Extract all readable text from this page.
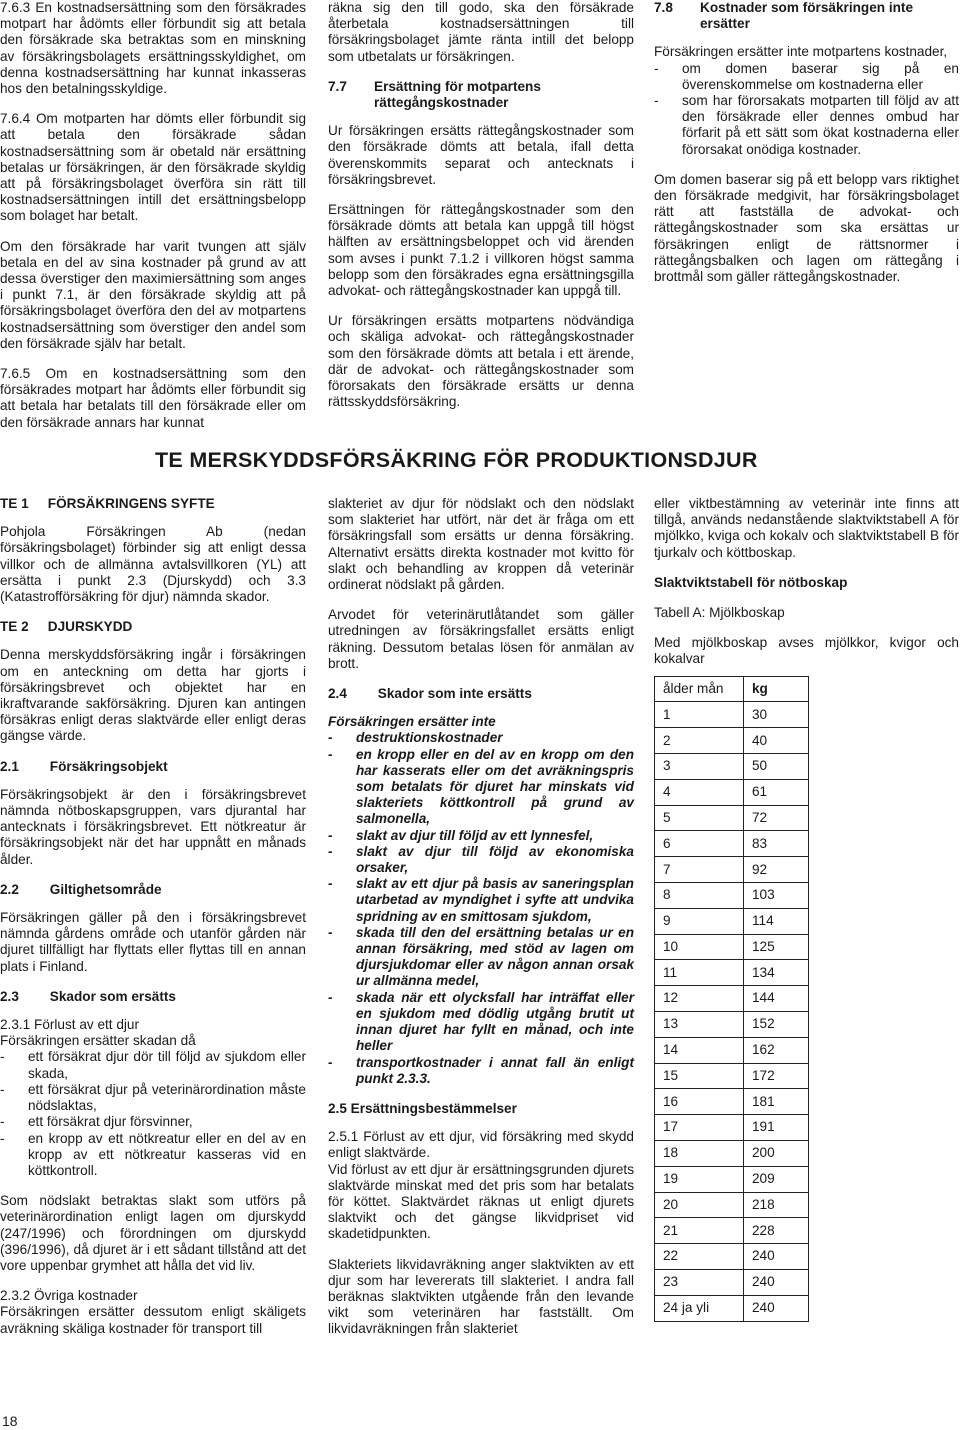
7.6.3 En kostnadsersättning som den försäkrades motpart har ådömts eller förbundit sig att betala den försäkrade ska betraktas som en minskning av försäkringsbolagets ersättningsskyldighet, om denna kostnadsersättning har kunnat inkasseras hos den betalningsskyldige.

7.6.4 Om motparten har dömts eller förbundit sig att betala den försäkrade sådan kostnadsersättning som är obetald när ersättning betalas ur försäkringen, är den försäkrade skyldig att på försäkringsbolaget överföra sin rätt till kostnadsersättningen intill det ersättningsbelopp som bolaget har betalt.

Om den försäkrade har varit tvungen att själv betala en del av sina kostnader på grund av att dessa överstiger den maximiersättning som anges i punkt 7.1, är den försäkrade skyldig att på försäkringsbolaget överföra den del av motpartens kostnadsersättning som överstiger den andel som den försäkrade själv har betalt.

7.6.5 Om en kostnadsersättning som den försäkrades motpart har ådömts eller förbundit sig att betala har betalats till den försäkrade eller om den försäkrade annars har kunnat

räkna sig den till godo, ska den försäkrade återbetala kostnadsersättningen till försäkringsbolaget jämte ränta intill det belopp som utbetalats ur försäkringen.

7.7	Ersättning för motpartens rättegångskostnader

Ur försäkringen ersätts rättegångskostnader som den försäkrade dömts att betala, ifall detta överenskommits separat och antecknats i försäkringsbrevet.

Ersättningen för rättegångskostnader som den försäkrade dömts att betala kan uppgå till högst hälften av ersättningsbeloppet och vid ärenden som avses i punkt 7.1.2 i villkoren högst samma belopp som den försäkrades egna ersättningsgilla advokat- och rättegångskostnader kan uppgå till.

Ur försäkringen ersätts motpartens nödvändiga och skäliga advokat- och rättegångskostnader som den försäkrade dömts att betala i ett ärende, där de advokat- och rättegångskostnader som förorsakats den försäkrade ersätts ur denna rättsskyddsförsäkring.

7.8	Kostnader som försäkringen inte ersätter

Försäkringen ersätter inte motpartens kostnader,

- om domen baserar sig på en överenskommelse om kostnaderna eller
- som har förorsakats motparten till följd av att den försäkrade eller dennes ombud har förfarit på ett sätt som ökat kostnaderna eller förorsakat onödiga kostnader.

Om domen baserar sig på ett belopp vars riktighet den försäkrade medgivit, har försäkringsbolaget rätt att fastställa de advokat- och rättegångskostnader som ska ersättas ur försäkringen enligt de rättsnormer i rättegångsbalken och lagen om rättegång i brottmål som gäller rättegångskostnader.

TE MERSKYDDSFÖRSÄKRING FÖR PRODUKTIONSDJUR
TE 1 FÖRSÄKRINGENS SYFTE

Pohjola Försäkringen Ab (nedan försäkringsbolaget) förbinder sig att enligt dessa villkor och de allmänna avtalsvillkoren (YL) att ersätta i punkt 2.3 (Djurskydd) och 3.3 (Katastrofförsäkring för djur) nämnda skador.

TE 2 DJURSKYDD

Denna merskyddsförsäkring ingår i försäkringen om en anteckning om detta har gjorts i försäkringsbrevet och objektet har en ikraftvarande sakförsäkring. Djuren kan antingen försäkras enligt deras slaktvärde eller enligt deras gängse värde.

2.1 Försäkringsobjekt

Försäkringsobjekt är den i försäkringsbrevet nämnda nötboskapsgruppen, vars djurantal har antecknats i försäkringsbrevet. Ett nötkreatur är försäkringsobjekt när det har uppnått en månads ålder.

2.2 Giltighetsområde

Försäkringen gäller på den i försäkringsbrevet nämnda gårdens område och utanför gården när djuret tillfälligt har flyttats eller flyttas till en annan plats i Finland.

2.3 Skador som ersätts

2.3.1 Förlust av ett djur

Försäkringen ersätter skadan då

- ett försäkrat djur dör till följd av sjukdom eller skada,
- ett försäkrat djur på veterinärordination måste nödslaktas,
- ett försäkrat djur försvinner,
- en kropp av ett nötkreatur eller en del av en kropp av ett nötkreatur kasseras vid en köttkontroll.

Som nödslakt betraktas slakt som utförs på veterinärordination enligt lagen om djurskydd (247/1996) och förordningen om djurskydd (396/1996), då djuret är i ett sådant tillstånd att det vore uppenbar grymhet att hålla det vid liv.

2.3.2 Övriga kostnader

Försäkringen ersätter dessutom enligt skäligets avräkning skäliga kostnader för transport till

slakteriet av djur för nödslakt och den nödslakt som slakteriet har utfört, när det är fråga om ett försäkringsfall som ersätts ur denna försäkring. Alternativt ersätts direkta kostnader mot kvitto för slakt och behandling av kroppen då veterinär ordinerat nödslakt på gården.

Arvodet för veterinärutlåtandet som gäller utredningen av försäkringsfallet ersätts enligt räkning. Dessutom betalas lösen för anmälan av brott.

2.4 Skador som inte ersätts

Försäkringen ersätter inte

- destruktionskostnader
- en kropp eller en del av en kropp om den har kasserats eller om det avräkningspris som betalats för djuret har minskats vid slakteriets köttkontroll på grund av salmonella,
- slakt av djur till följd av ett lynnesfel,
- slakt av djur till följd av ekonomiska orsaker,
- slakt av ett djur på basis av saneringsplan utarbetad av myndighet i syfte att undvika spridning av en smittosam sjukdom,
- skada till den del ersättning betalas ur en annan försäkring, med stöd av lagen om djursjukdomar eller av någon annan orsak ur allmänna medel,
- skada när ett olycksfall har inträffat eller en sjukdom med dödlig utgång brutit ut innan djuret har fyllt en månad, och inte heller
- transportkostnader i annat fall än enligt punkt 2.3.3.

2.5 Ersättningsbestämmelser

2.5.1 Förlust av ett djur, vid försäkring med skydd enligt slaktvärde.

Vid förlust av ett djur är ersättningsgrunden djurets slaktvärde minskat med det pris som har betalats för köttet. Slaktvärdet räknas ut enligt djurets slaktvikt och det gängse likvidpriset vid skadetidpunkten.

Slakteriets likvidavräkning anger slaktvikten av ett djur som har levererats till slakteriet. I andra fall beräknas slaktvikten utgående från den levande vikt som veterinären har fastställt. Om likvidavräkningen från slakteriet

eller viktbestämning av veterinär inte finns att tillgå, används nedanstående slaktviktstabell A för mjölkko, kviga och kokalv och slaktviktstabell B för tjurkalv och köttboskap.

Slaktviktstabell för nötboskap

Tabell A: Mjölkboskap

Med mjölkboskap avses mjölkkor, kvigor och kokalvar

ålder mån	kg
1	30
2	40
3	50
4	61
5	72
6	83
7	92
8	103
9	114
10	125
11	134
12	144
13	152
14	162
15	172
16	181
17	191
18	200
19	209
20	218
21	228
22	240
23	240
24 ja yli	240
18
